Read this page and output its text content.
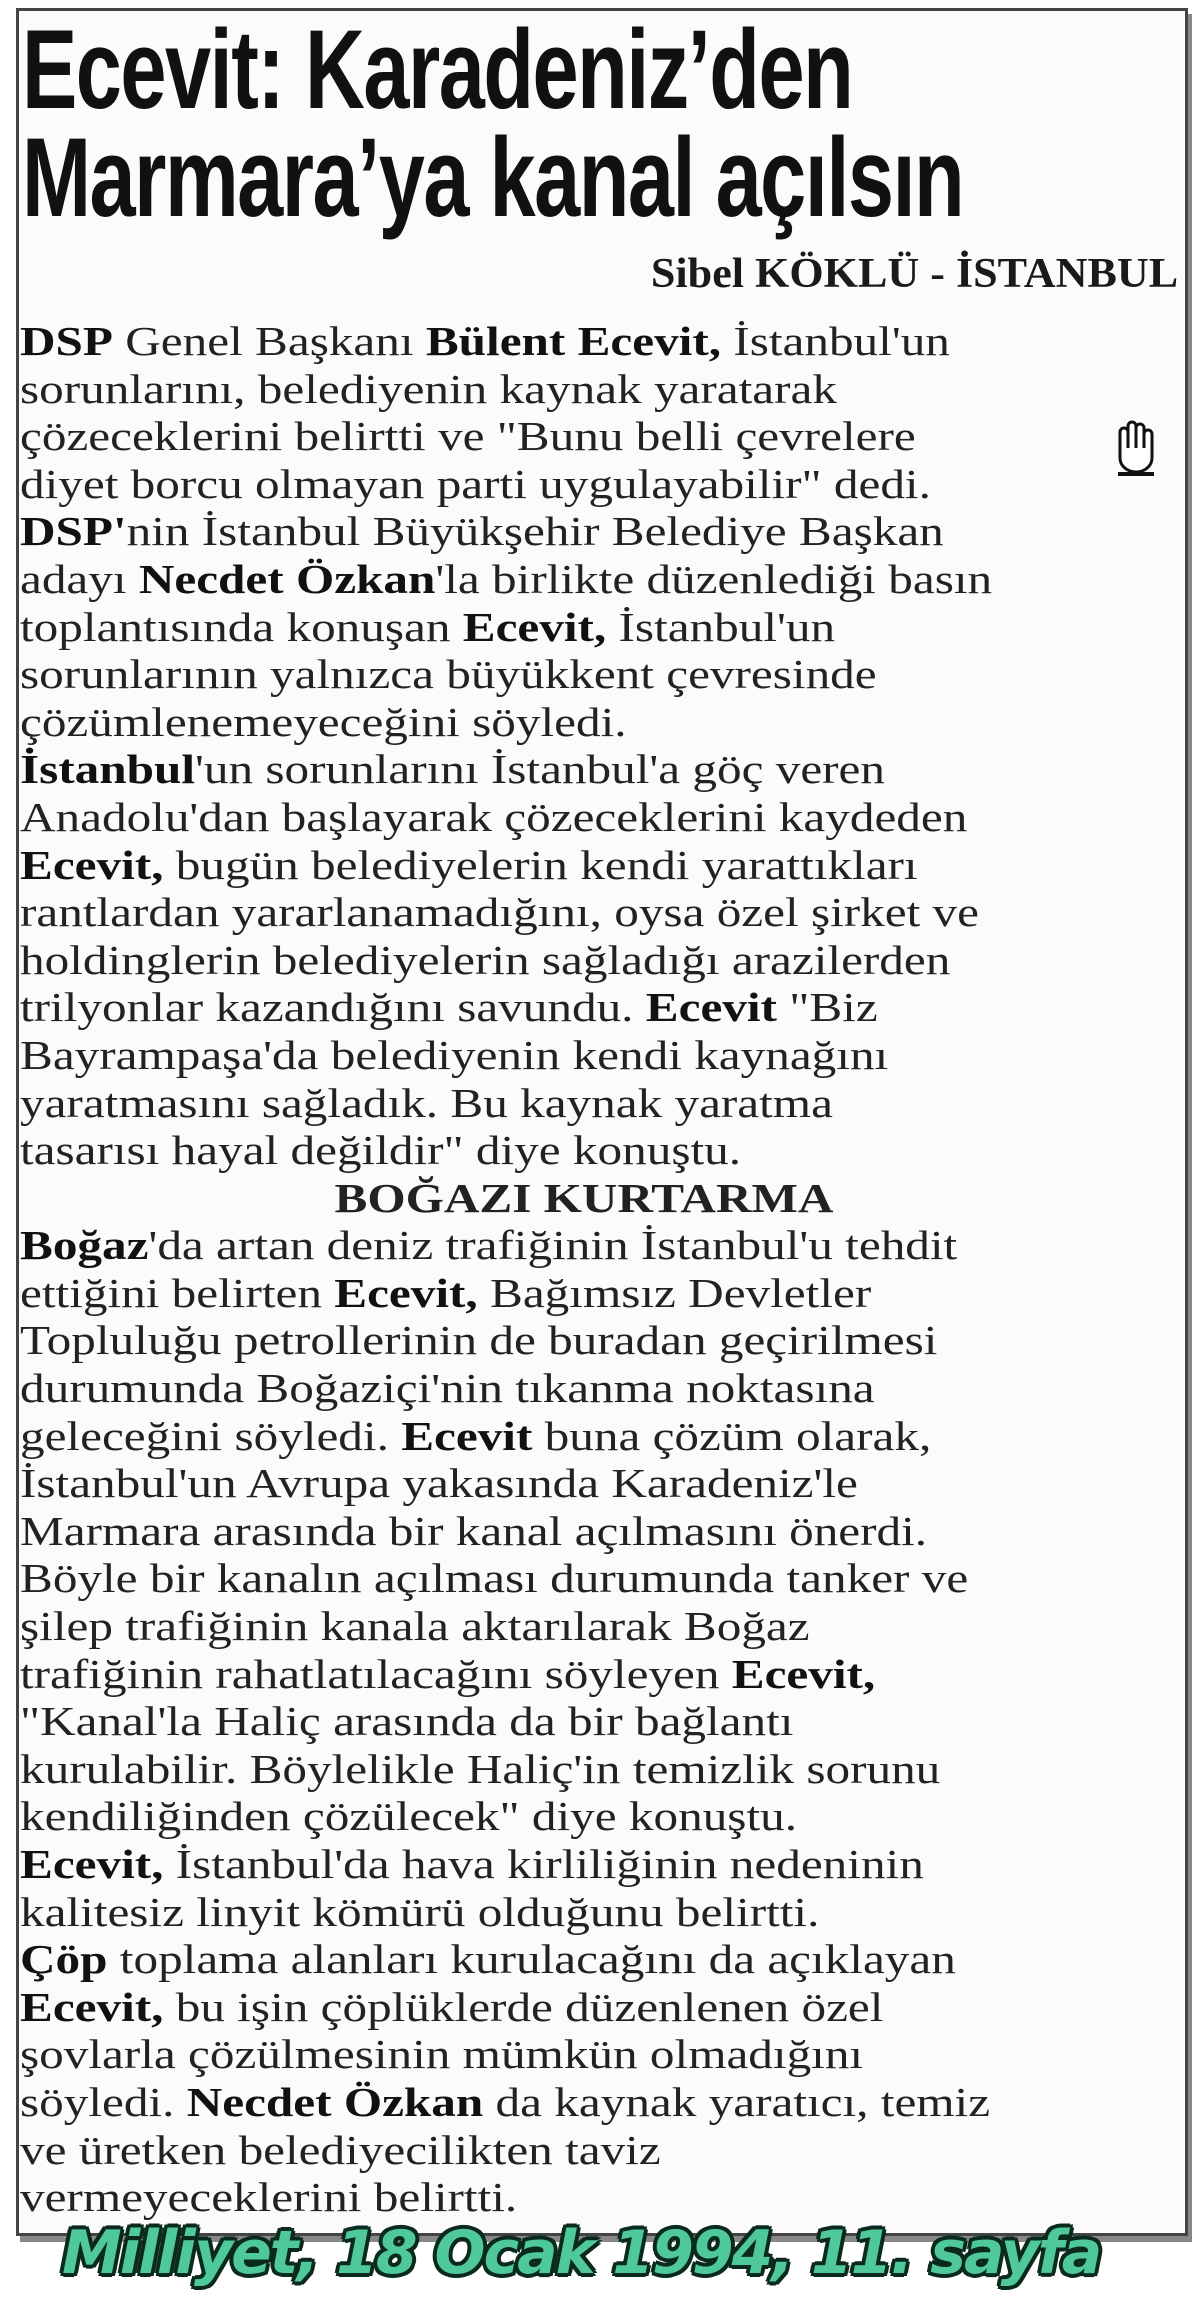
Ecevit: Karadeniz’den
Marmara’ya kanal açılsın
Sibel KÖKLÜ - İSTANBUL
DSP Genel Başkanı Bülent Ecevit, İstanbul'un
sorunlarını, belediyenin kaynak yaratarak
çözeceklerini belirtti ve "Bunu belli çevrelere
diyet borcu olmayan parti uygulayabilir" dedi.
DSP'nin İstanbul Büyükşehir Belediye Başkan
adayı Necdet Özkan'la birlikte düzenlediği basın
toplantısında konuşan Ecevit, İstanbul'un
sorunlarının yalnızca büyükkent çevresinde
çözümlenemeyeceğini söyledi.
İstanbul'un sorunlarını İstanbul'a göç veren
Anadolu'dan başlayarak çözeceklerini kaydeden
Ecevit, bugün belediyelerin kendi yarattıkları
rantlardan yararlanamadığını, oysa özel şirket ve
holdinglerin belediyelerin sağladığı arazilerden
trilyonlar kazandığını savundu. Ecevit "Biz
Bayrampaşa'da belediyenin kendi kaynağını
yaratmasını sağladık. Bu kaynak yaratma
tasarısı hayal değildir" diye konuştu.
BOĞAZI KURTARMA
Boğaz'da artan deniz trafiğinin İstanbul'u tehdit
ettiğini belirten Ecevit, Bağımsız Devletler
Topluluğu petrollerinin de buradan geçirilmesi
durumunda Boğaziçi'nin tıkanma noktasına
geleceğini söyledi. Ecevit buna çözüm olarak,
İstanbul'un Avrupa yakasında Karadeniz'le
Marmara arasında bir kanal açılmasını önerdi.
Böyle bir kanalın açılması durumunda tanker ve
şilep trafiğinin kanala aktarılarak Boğaz
trafiğinin rahatlatılacağını söyleyen Ecevit,
"Kanal'la Haliç arasında da bir bağlantı
kurulabilir. Böylelikle Haliç'in temizlik sorunu
kendiliğinden çözülecek" diye konuştu.
Ecevit, İstanbul'da hava kirliliğinin nedeninin
kalitesiz linyit kömürü olduğunu belirtti.
Çöp toplama alanları kurulacağını da açıklayan
Ecevit, bu işin çöplüklerde düzenlenen özel
şovlarla çözülmesinin mümkün olmadığını
söyledi. Necdet Özkan da kaynak yaratıcı, temiz
ve üretken belediyecilikten taviz
vermeyeceklerini belirtti.
Milliyet, 18 Ocak 1994, 11. sayfa
